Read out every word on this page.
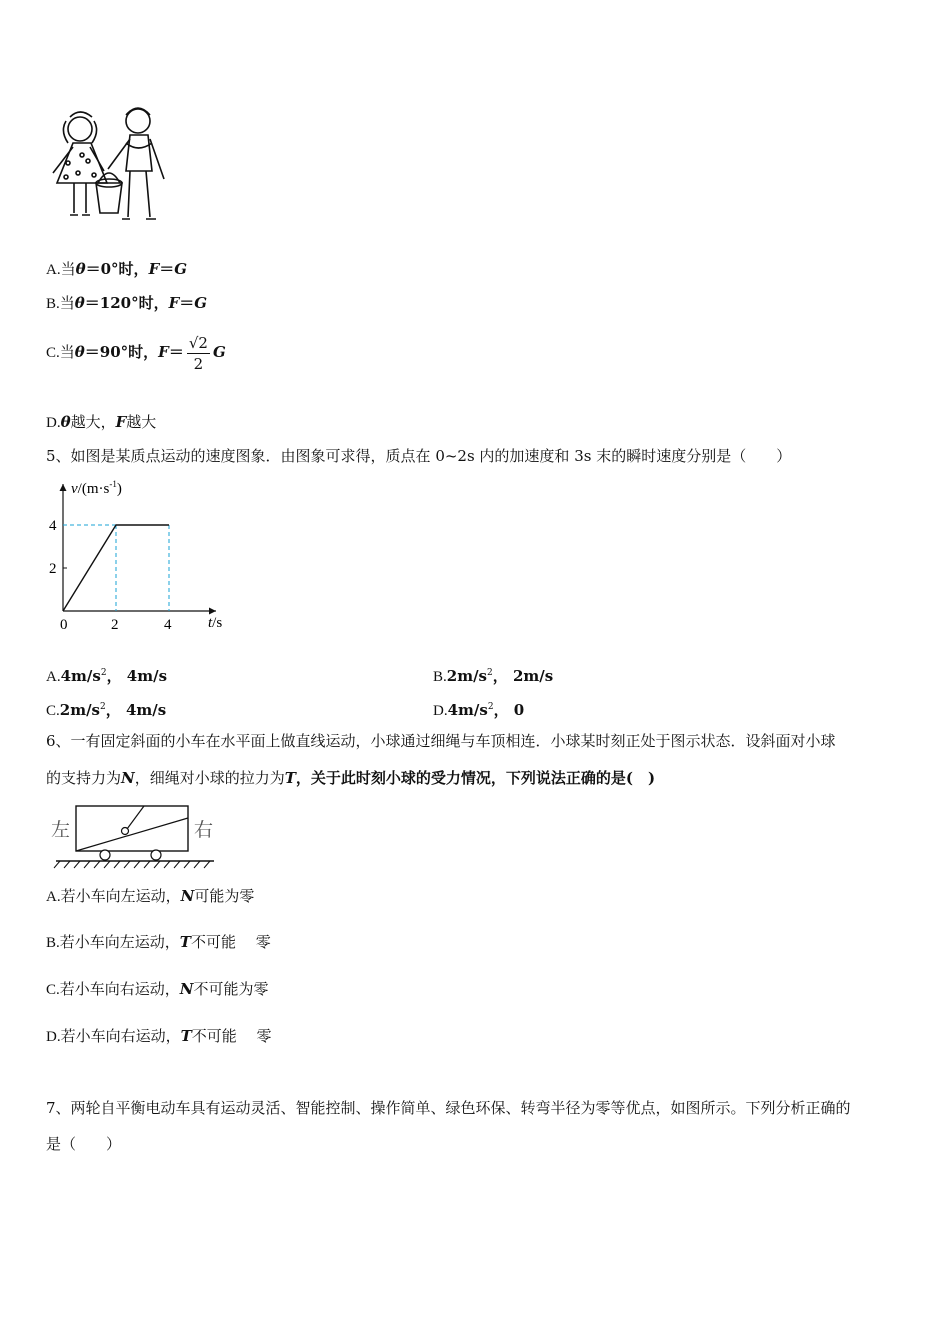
A.当θ＝0°时，F＝G
B.当θ＝120°时，F＝G
C.当θ＝90°时，$F= \frac{√2}{2}$ G
D.θ越大，F越大
5、如图是某质点运动的速度图象．由图象可求得，质点在 0~2s 内的加速度和 3s 末的瞬时速度分别是（　　）
$v/(m\cdot s^{-1})$
4
2
0	2	4 t/s
$A.4m/s^2$， 4m/s	$B.2m/s^2$， 2m/s
$C.2m/s^2$， 4m/s	$D.4m/s^2$， 0
6、一有固定斜面的小车在水平面上做直线运动，小球通过细绳与车顶相连．小球某时刻正处于图示状态．设斜面对小球
的支持力为N，细绳对小球的拉力为T，关于此时刻小球的受力情况，下列说法正确的是(　)
左	右
A.若小车向左运动，N可能为零
B.若小车向左运动，T不可能　 零
C.若小车向右运动，N不可能为零
D.若小车向右运动，T不可能　 零
7、两轮自平衡电动车具有运动灵活、智能控制、操作简单、绿色环保、转弯半径为零等优点，如图所示。下列分析正确的
是（　　）
